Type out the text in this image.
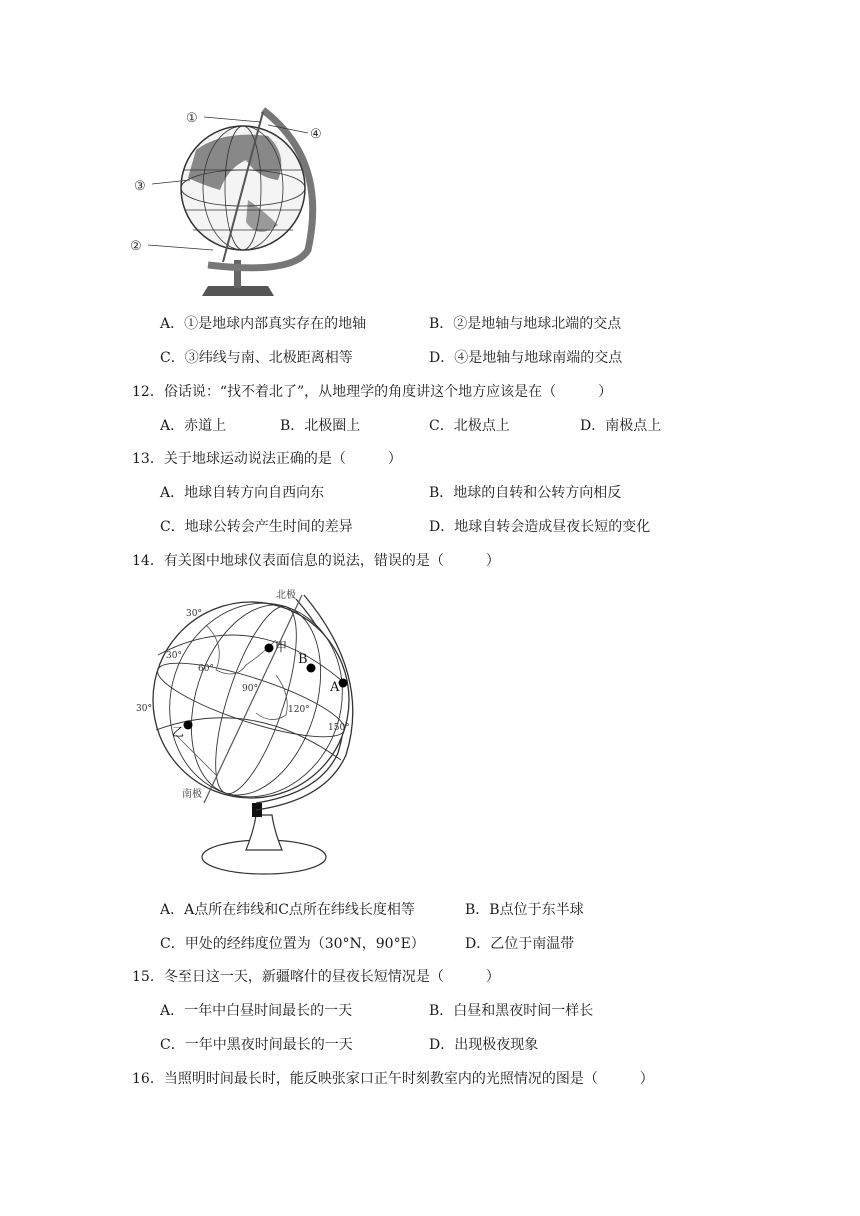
①
④
③
②
A．①是地球内部真实存在的地轴	B．②是地轴与地球北端的交点
C．③纬线与南、北极距离相等	D．④是地轴与地球南端的交点
12．俗话说：“找不着北了”，从地理学的角度讲这个地方应该是在（　　　）
A．赤道上	B．北极圈上	C．北极点上	D．南极点上
13．关于地球运动说法正确的是（　　　）
A．地球自转方向自西向东	B．地球的自转和公转方向相反
C．地球公转会产生时间的差异	D．地球自转会造成昼夜长短的变化
14．有关图中地球仪表面信息的说法，错误的是（　　　）
北极
南极
30°
30°
30°
60°
90°
120°
150°
甲
B
A
乙
A．A点所在纬线和C点所在纬线长度相等	B．B点位于东半球
C．甲处的经纬度位置为（30°N，90°E）	D．乙位于南温带
15．冬至日这一天，新疆喀什的昼夜长短情况是（　　　）
A．一年中白昼时间最长的一天	B．白昼和黑夜时间一样长
C．一年中黑夜时间最长的一天	D．出现极夜现象
16．当照明时间最长时，能反映张家口正午时刻教室内的光照情况的图是（　　　）
